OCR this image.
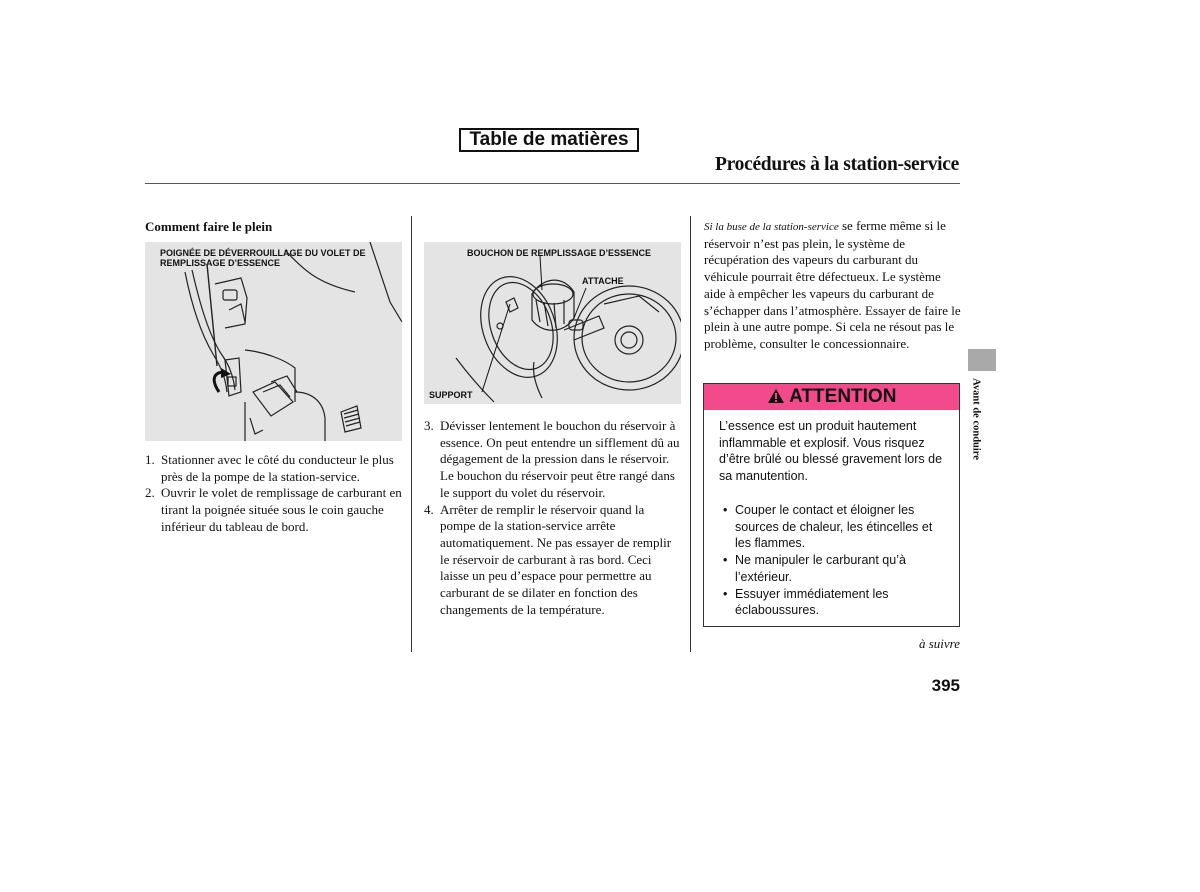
Table de matières
Procédures à la station-service
Comment faire le plein
POIGNÉE DE DÉVERROUILLAGE DU VOLET DE
REMPLISSAGE D’ESSENCE
1. Stationner avec le côté du conducteur le plus près de la pompe de la station-service.
2. Ouvrir le volet de remplissage de carburant en tirant la poignée située sous le coin gauche inférieur du tableau de bord.
BOUCHON DE REMPLISSAGE D’ESSENCE
ATTACHE
SUPPORT
3. Dévisser lentement le bouchon du réservoir à essence. On peut entendre un sifflement dû au dégagement de la pression dans le réservoir. Le bouchon du réservoir peut être rangé dans le support du volet du réservoir.
4. Arrêter de remplir le réservoir quand la pompe de la station-service arrête automatiquement. Ne pas essayer de remplir le réservoir de carburant à ras bord. Ceci laisse un peu d’espace pour permettre au carburant de se dilater en fonction des changements de la température.
Si la buse de la station-service se ferme même si le réservoir n’est pas plein, le système de récupération des vapeurs du carburant du véhicule pourrait être défectueux. Le système aide à empêcher les vapeurs du carburant de s’échapper dans l’atmosphère. Essayer de faire le plein à une autre pompe. Si cela ne résout pas le problème, consulter le concessionnaire.
ATTENTION
L’essence est un produit hautement inflammable et explosif. Vous risquez d’être brûlé ou blessé gravement lors de sa manutention.
• Couper le contact et éloigner les sources de chaleur, les étincelles et les flammes.
• Ne manipuler le carburant qu’à l’extérieur.
• Essuyer immédiatement les éclaboussures.
Avant de conduire
à suivre
395
